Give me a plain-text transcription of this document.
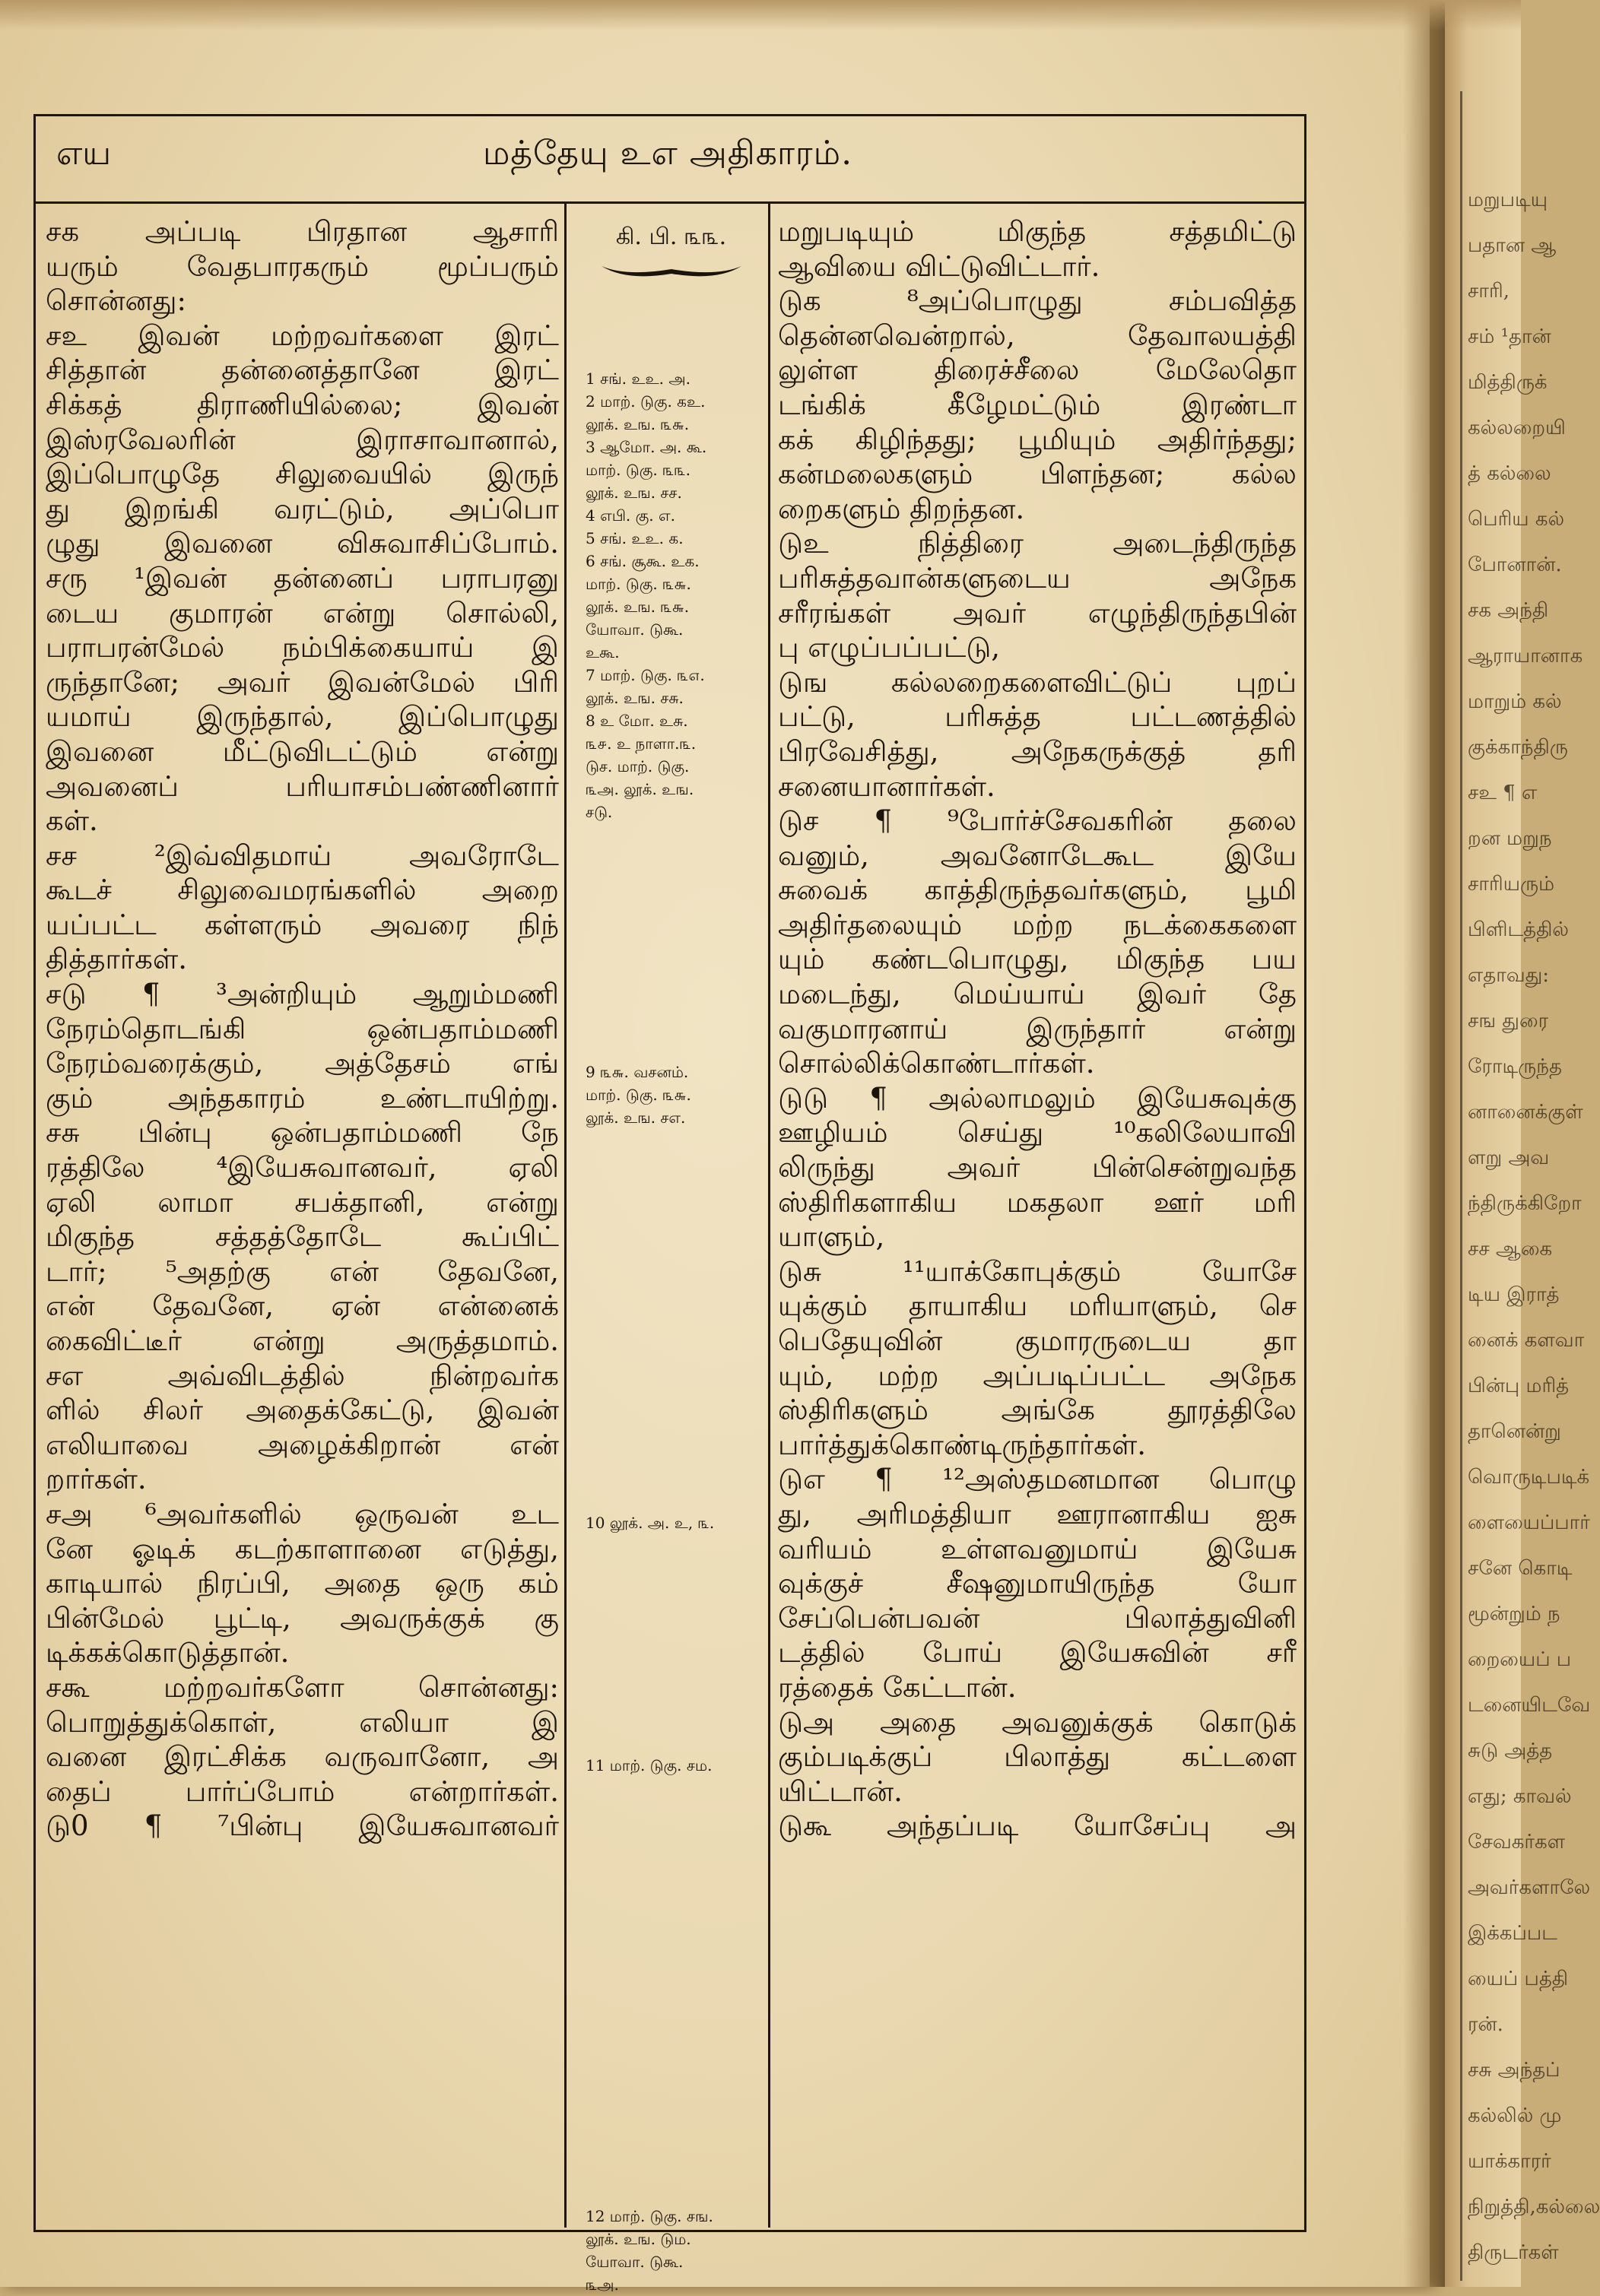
மறுபடியு
பதான ஆ
சாரி,
சம் ¹தான்
மித்திருக்
கல்லறையி
த் கல்லை
பெரிய கல்
போனான்.
சக அந்தி
ஆராயானாக
மாறும் கல்
குக்காந்திரு
சஉ ¶ எ
றன மறுந
சாரியரும்
பிளிடத்தில்
எதாவது:
சங துரை
ரோடிருந்த
னானைக்குள்
ளறு அவ
ந்திருக்கிறோ
சச ஆகை
டிய இராத்
னைக் களவா
பின்பு மரித்
தானென்று
வொருடிபடிக்
ளையைப்பார்
சனே கொடி
மூன்றும் ந
றையைப் ப
டனையிடவே
சுடு அத்த
எது; காவல்
சேவகர்கள
அவர்களாலே
இக்கப்பட
யைப் பத்தி
ரன்.
சசு அந்தப்
கல்லில் மு
யாக்காரர்
நிறுத்தி,கல்லை
திருடர்கள்
எய	மத்தேயு உஎ அதிகாரம்.
சக அப்படி பிரதான ஆசாரி
யரும் வேதபாரகரும் மூப்பரும்
சொன்னது:
சஉ இவன் மற்றவர்களை இரட்
சித்தான் தன்னைத்தானே இரட்
சிக்கத் திராணியில்லை; இவன்
இஸ்ரவேலரின் இராசாவானால்,
இப்பொழுதே சிலுவையில் இருந்
து இறங்கி வரட்டும், அப்பொ
ழுது இவனை விசுவாசிப்போம்.
சரு ¹இவன் தன்னைப் பராபரனு
டைய குமாரன் என்று சொல்லி,
பராபரன்மேல் நம்பிக்கையாய் இ
ருந்தானே; அவர் இவன்மேல் பிரி
யமாய் இருந்தால், இப்பொழுது
இவனை மீட்டுவிடட்டும் என்று
அவனைப் பரியாசம்பண்ணினார்
கள்.
சச ²இவ்விதமாய் அவரோடே
கூடச் சிலுவைமரங்களில் அறை
யப்பட்ட கள்ளரும் அவரை நிந்
தித்தார்கள்.
சடு ¶ ³அன்றியும் ஆறும்மணி
நேரம்தொடங்கி ஒன்பதாம்மணி
நேரம்வரைக்கும், அத்தேசம் எங்
கும் அந்தகாரம் உண்டாயிற்று.
சசு பின்பு ஒன்பதாம்மணி நே
ரத்திலே ⁴இயேசுவானவர், ஏலி
ஏலி லாமா சபக்தானி, என்று
மிகுந்த சத்தத்தோடே கூப்பிட்
டார்; ⁵அதற்கு என் தேவனே,
என் தேவனே, ஏன் என்னைக்
கைவிட்டீர் என்று அருத்தமாம்.
சஎ அவ்விடத்தில் நின்றவர்க
ளில் சிலர் அதைக்கேட்டு, இவன்
எலியாவை அழைக்கிறான் என்
றார்கள்.
சஅ ⁶அவர்களில் ஒருவன் உட
னே ஓடிக் கடற்காளானை எடுத்து,
காடியால் நிரப்பி, அதை ஒரு கம்
பின்மேல் பூட்டி, அவருக்குக் கு
டிக்கக்கொடுத்தான்.
சகூ மற்றவர்களோ சொன்னது:
பொறுத்துக்கொள், எலியா இ
வனை இரட்சிக்க வருவானோ, அ
தைப் பார்ப்போம் என்றார்கள்.
டு0 ¶ ⁷பின்பு இயேசுவானவர்
கி. பி. ௩௩.
1 சங். உஉ. அ.
2 மாற். டுகு. கஉ.
லூக். உங. ௩௬.
3 ஆமோ. அ. கூ.
மாற். டுகு. ௩௩.
லூக். உங. சச.
4 எபி. கு. எ.
5 சங். உஉ. க.
6 சங். சூகூ. உக.
மாற். டுகு. ௩௬.
லூக். உங. ௩௬.
யோவா. டுகூ.
உகூ.
7 மாற். டுகு. ௩௭.
லூக். உங. சசு.
8 உ மோ. உசு.
௩௪. உ நாளா.௩.
டுச. மாற். டுகு.
௩அ. லூக். உங.
சடு.
9 ௩௬. வசனம்.
மாற். டுகு. ௩௬.
லூக். உங. சஎ.
10 லூக். அ. உ, ௩.
11 மாற். டுகு. சம.
12 மாற். டுகு. சங.
லூக். உங. டும.
யோவா. டுகூ.
௩அ.
மறுபடியும் மிகுந்த சத்தமிட்டு
ஆவியை விட்டுவிட்டார்.
டுக ⁸அப்பொழுது சம்பவித்த
தென்னவென்றால், தேவாலயத்தி
லுள்ள திரைச்சீலை மேலேதொ
டங்கிக் கீழேமட்டும் இரண்டா
கக் கிழிந்தது; பூமியும் அதிர்ந்தது;
கன்மலைகளும் பிளந்தன; கல்ல
றைகளும் திறந்தன.
டுஉ நித்திரை அடைந்திருந்த
பரிசுத்தவான்களுடைய அநேக
சரீரங்கள் அவர் எழுந்திருந்தபின்
பு எழுப்பப்பட்டு,
டுங கல்லறைகளைவிட்டுப் புறப்
பட்டு, பரிசுத்த பட்டணத்தில்
பிரவேசித்து, அநேகருக்குத் தரி
சனையானார்கள்.
டுச ¶ ⁹போர்ச்சேவகரின் தலை
வனும், அவனோடேகூட இயே
சுவைக் காத்திருந்தவர்களும், பூமி
அதிர்தலையும் மற்ற நடக்கைகளை
யும் கண்டபொழுது, மிகுந்த பய
மடைந்து, மெய்யாய் இவர் தே
வகுமாரனாய் இருந்தார் என்று
சொல்லிக்கொண்டார்கள்.
டுடு ¶ அல்லாமலும் இயேசுவுக்கு
ஊழியம் செய்து ¹⁰கலிலேயாவி
லிருந்து அவர் பின்சென்றுவந்த
ஸ்திரிகளாகிய மகதலா ஊர் மரி
யாளும்,
டுசு ¹¹யாக்கோபுக்கும் யோசே
யுக்கும் தாயாகிய மரியாளும், செ
பெதேயுவின் குமாரருடைய தா
யும், மற்ற அப்படிப்பட்ட அநேக
ஸ்திரிகளும் அங்கே தூரத்திலே
பார்த்துக்கொண்டிருந்தார்கள்.
டுஎ ¶ ¹²அஸ்தமனமான பொழு
து, அரிமத்தியா ஊரானாகிய ஐசு
வரியம் உள்ளவனுமாய் இயேசு
வுக்குச் சீஷனுமாயிருந்த யோ
சேப்பென்பவன் பிலாத்துவினி
டத்தில் போய் இயேசுவின் சரீ
ரத்தைக் கேட்டான்.
டுஅ அதை அவனுக்குக் கொடுக்
கும்படிக்குப் பிலாத்து கட்டளை
யிட்டான்.
டுகூ அந்தப்படி யோசேப்பு அ
